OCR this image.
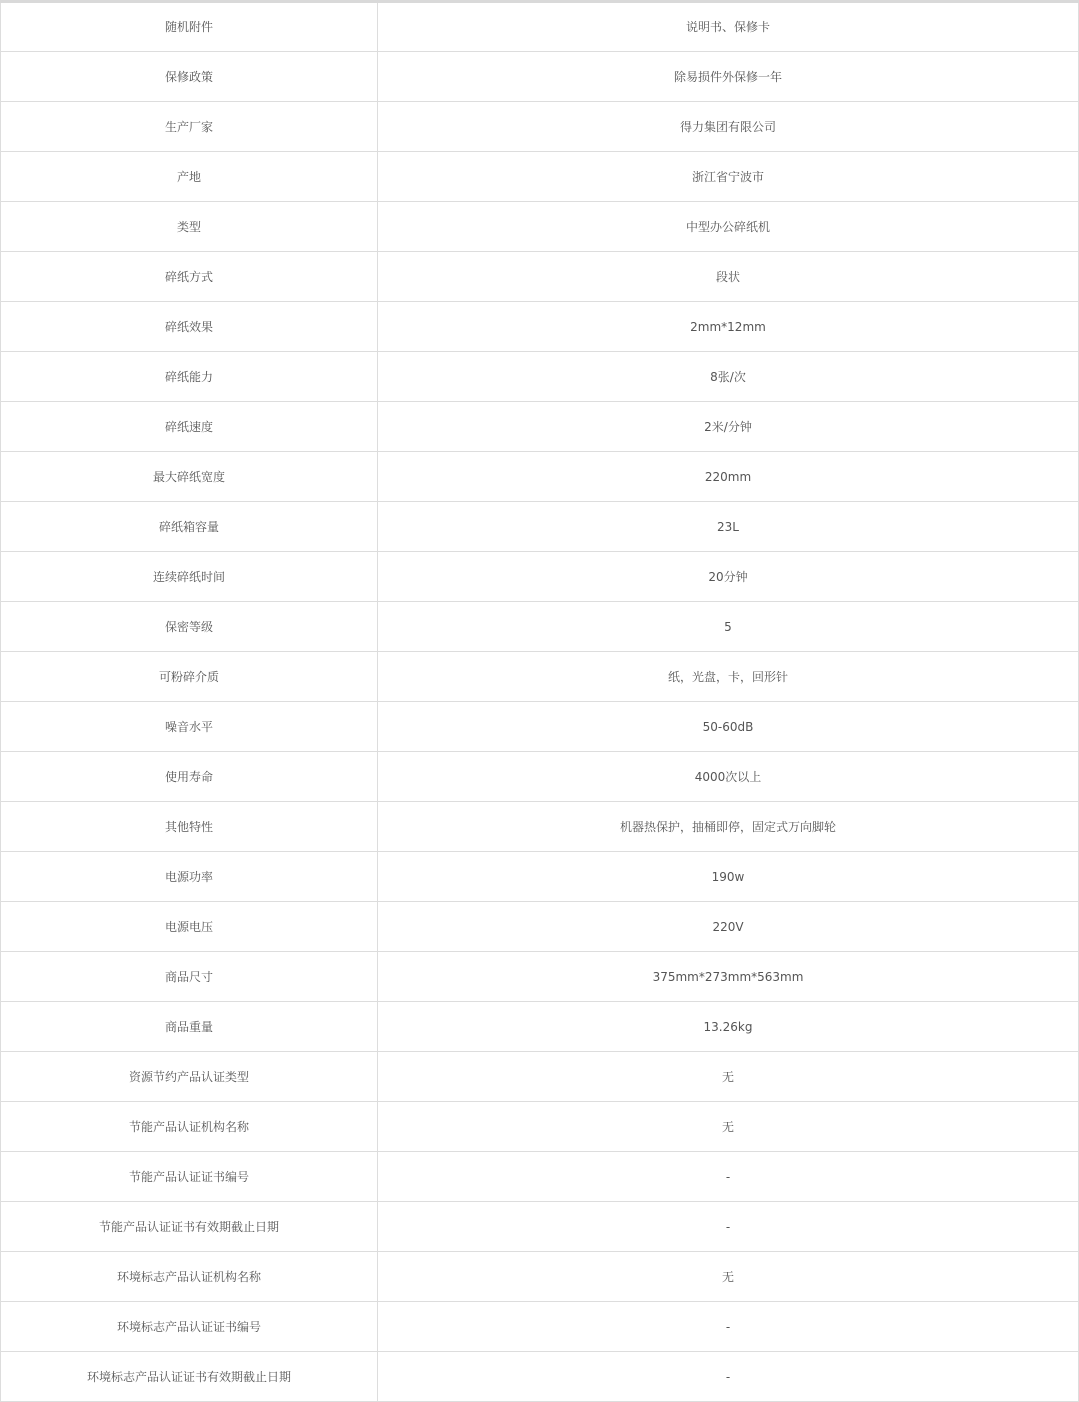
随机附件	说明书、保修卡
保修政策	除易损件外保修一年
生产厂家	得力集团有限公司
产地	浙江省宁波市
类型	中型办公碎纸机
碎纸方式	段状
碎纸效果	2mm*12mm
碎纸能力	8张/次
碎纸速度	2米/分钟
最大碎纸宽度	220mm
碎纸箱容量	23L
连续碎纸时间	20分钟
保密等级	5
可粉碎介质	纸，光盘，卡，回形针
噪音水平	50-60dB
使用寿命	4000次以上
其他特性	机器热保护，抽桶即停，固定式万向脚轮
电源功率	190w
电源电压	220V
商品尺寸	375mm*273mm*563mm
商品重量	13.26kg
资源节约产品认证类型	无
节能产品认证机构名称	无
节能产品认证证书编号	-
节能产品认证证书有效期截止日期	-
环境标志产品认证机构名称	无
环境标志产品认证证书编号	-
环境标志产品认证证书有效期截止日期	-
